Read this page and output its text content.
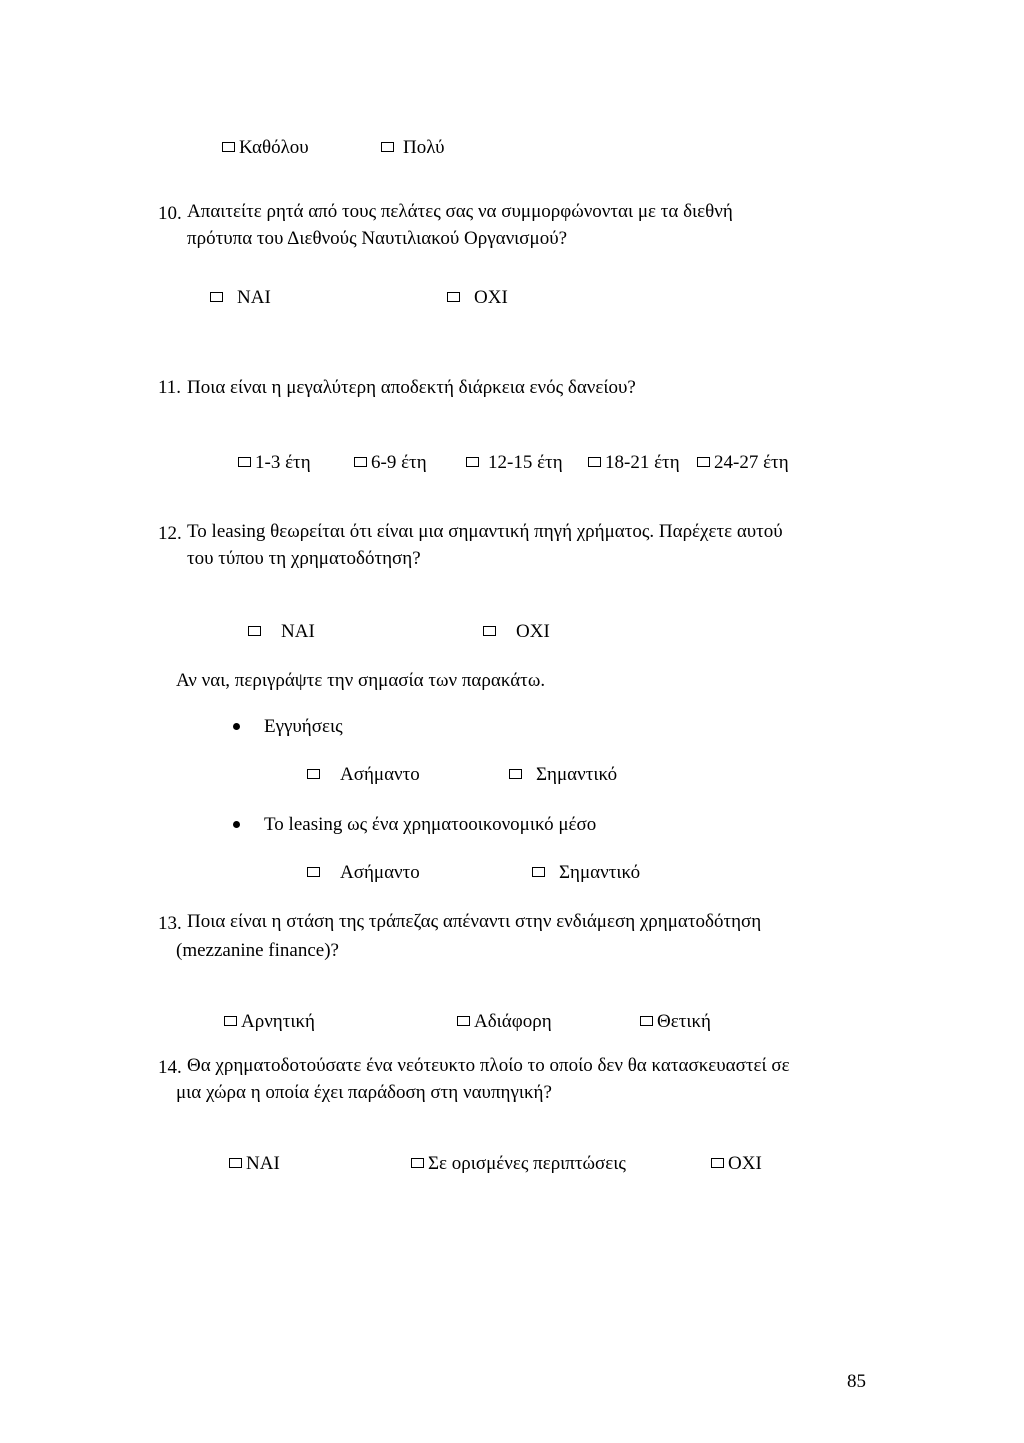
Καθόλου	Πολύ
10. Απαιτείτε ρητά από τους πελάτες σας να συμμορφώνονται με τα διεθνή
πρότυπα του Διεθνούς Ναυτιλιακού Οργανισμού?
ΝΑΙ	ΟΧΙ
11. Ποια είναι η μεγαλύτερη αποδεκτή διάρκεια ενός δανείου?
1-3 έτη	6-9 έτη	12-15 έτη 18-21 έτη 24-27 έτη
12. Το leasing θεωρείται ότι είναι μια σημαντική πηγή χρήματος. Παρέχετε αυτού
του τύπου τη χρηματοδότηση?
ΝΑΙ	ΟΧΙ
Αν ναι, περιγράψτε την σημασία των παρακάτω.
Εγγυήσεις
Ασήμαντο	Σημαντικό
Το leasing ως ένα χρηματοοικονομικό μέσο
Ασήμαντο	Σημαντικό
13. Ποια είναι η στάση της τράπεζας απέναντι στην ενδιάμεση χρηματοδότηση
(mezzanine finance)?
Αρνητική	Αδιάφορη	Θετική
14. Θα χρηματοδοτούσατε ένα νεότευκτο πλοίο το οποίο δεν θα κατασκευαστεί σε
μια χώρα η οποία έχει παράδοση στη ναυπηγική?
ΝΑΙ	Σε ορισμένες περιπτώσεις	ΟΧΙ
85
